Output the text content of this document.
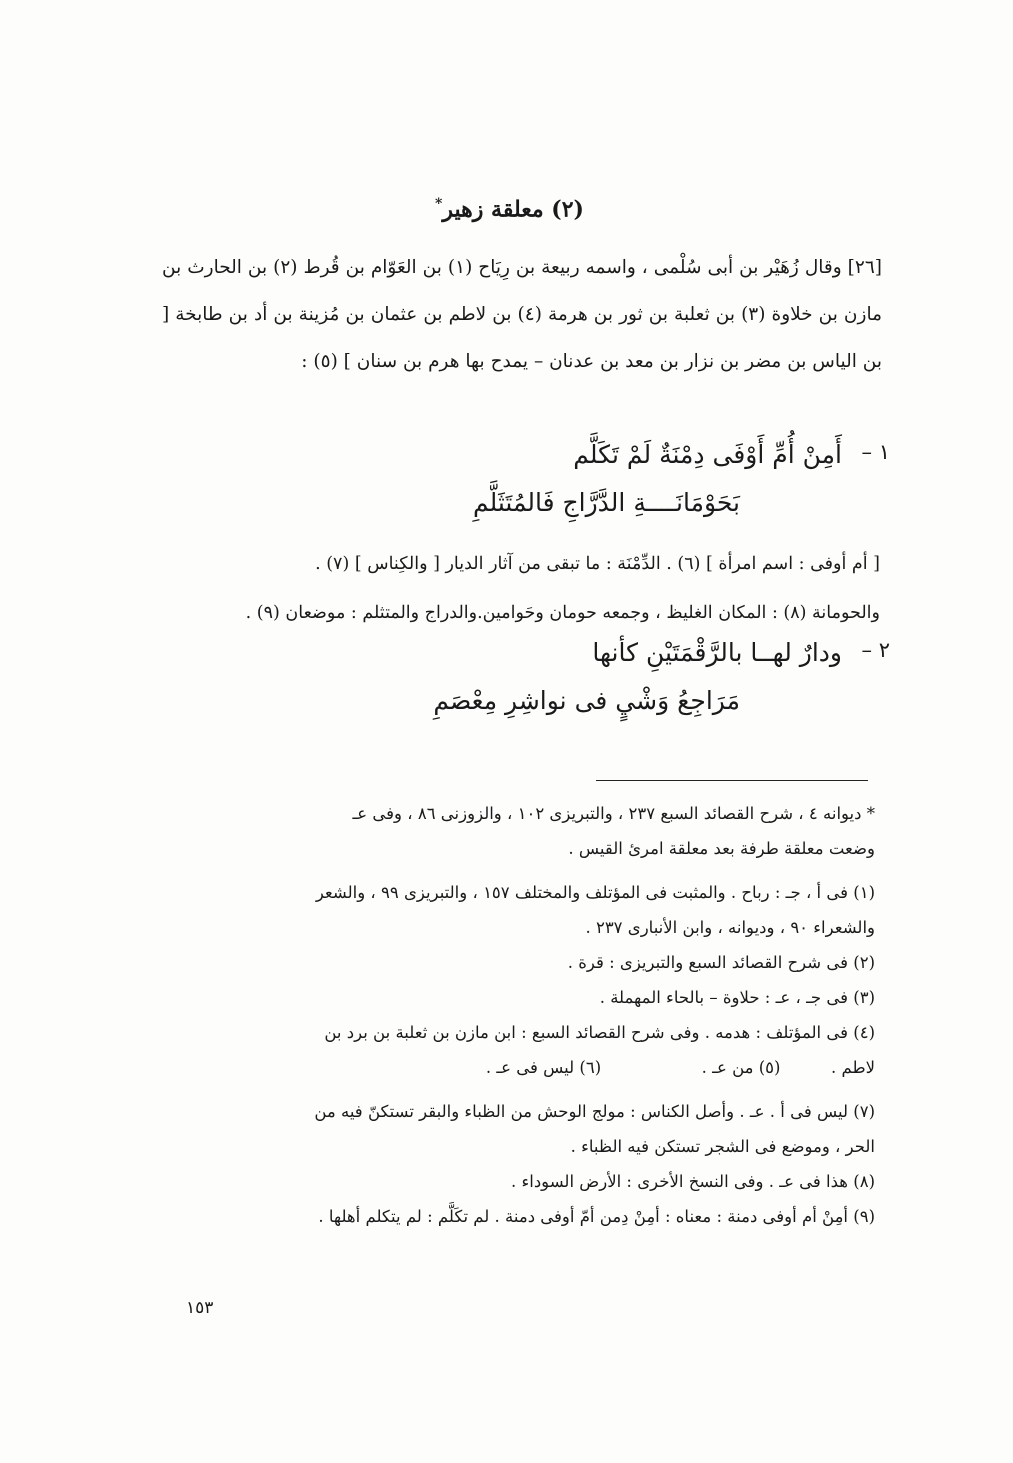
(٢) معلقة زهير*
[٢٦] وقال زُهَيْر بن أبى سُلْمى ، واسمه ربيعة بن رِيَاح (١) بن العَوّام بن قُرط (٢) بن الحارث بن مازن بن خلاوة (٣) بن ثعلبة بن ثور بن هرمة (٤) بن لاطم بن عثمان بن مُزينة بن أد بن طابخة [ بن الياس بن مضر بن نزار بن معد بن عدنان – يمدح بها هرم بن سنان ] (٥) :
١ –
أَمِنْ أُمِّ أَوْفَى دِمْنَةٌ لَمْ تَكَلَّم
بَحَوْمَانَــــةِ الدَّرَّاجِ فَالمُتَثَلَّمِ

[ أم أوفى : اسم امرأة ] (٦) . الدِّمْنَة : ما تبقى من آثار الديار [ والكِناس ] (٧) .

والحومانة (٨) : المكان الغليظ ، وجمعه حومان وحَوامين.والدراج والمتثلم : موضعان (٩) .

٢ –
ودارٌ لهــا بالرَّقْمَتَيْنِ كأنها
مَرَاجِعُ وَشْيٍ فى نواشِرِ مِعْصَمِ

* ديوانه ٤ ، شرح القصائد السبع ٢٣٧ ، والتبريزى ١٠٢ ، والزوزنى ٨٦ ، وفى عـ

وضعت معلقة طرفة بعد معلقة امرئ القيس .

(١) فى أ ، جـ : رباح . والمثبت فى المؤتلف والمختلف ١٥٧ ، والتبريزى ٩٩ ، والشعر

والشعراء ٩٠ ، وديوانه ، وابن الأنبارى ٢٣٧ .

(٢) فى شرح القصائد السبع والتبريزى : قرة .

(٣) فى جـ ، عـ : حلاوة – بالحاء المهملة .

(٤) فى المؤتلف : هدمه . وفى شرح القصائد السبع : ابن مازن بن ثعلبة بن برد بن

لاطم .  (٥) من عـ .  (٦) ليس فى عـ .

(٧) ليس فى أ . عـ . وأصل الكناس : مولج الوحش من الظباء والبقر تستكنّ فيه من

الحر ، وموضع فى الشجر تستكن فيه الظباء .

(٨) هذا فى عـ . وفى النسخ الأخرى : الأرض السوداء .

(٩) أمِنْ أم أوفى دمنة : معناه : أمِنْ دِمن أمّ أوفى دمنة . لم تكَلَّم : لم يتكلم أهلها .

١٥٣
